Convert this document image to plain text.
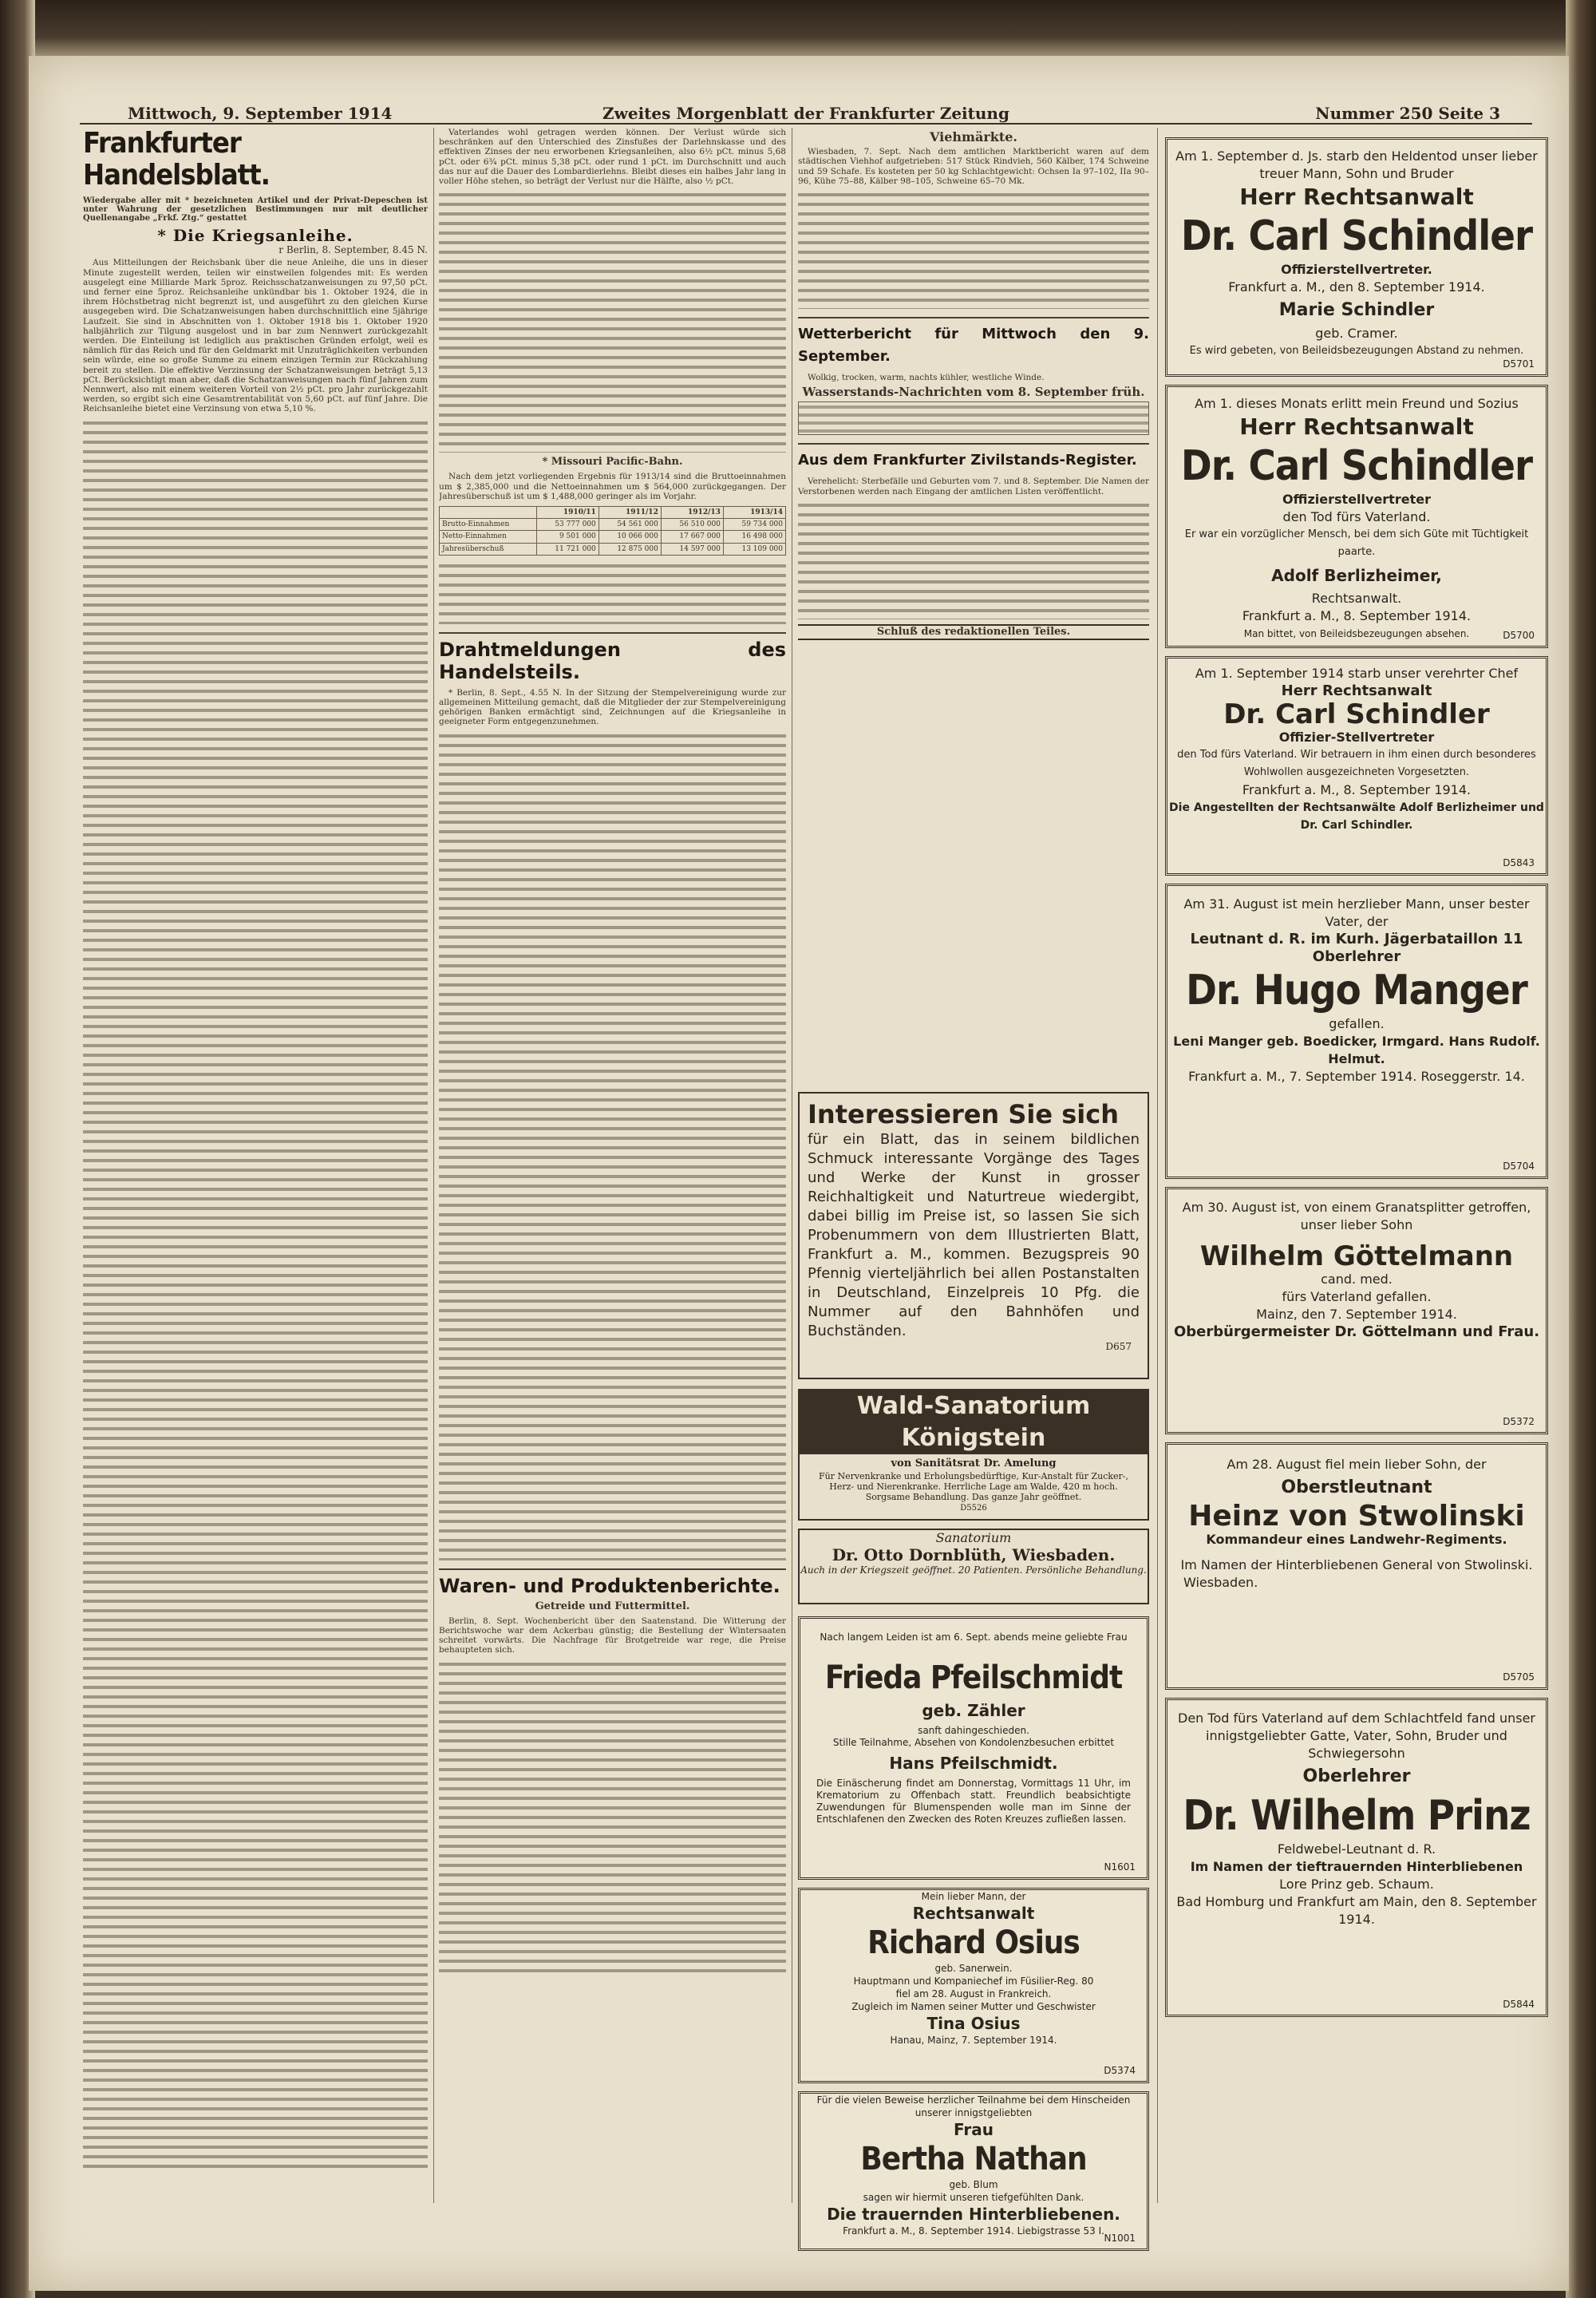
Mittwoch, 9. September 1914	Zweites Morgenblatt der Frankfurter Zeitung	Nummer 250 Seite 3
Frankfurter Handelsblatt.
Wiedergabe aller mit * bezeichneten Artikel und der Privat-Depeschen ist unter Wahrung der gesetzlichen Bestimmungen nur mit deutlicher Quellenangabe „Frkf. Ztg.“ gestattet
* Die Kriegsanleihe.
r Berlin, 8. September, 8.45 N.

Aus Mitteilungen der Reichsbank über die neue Anleihe, die uns in dieser Minute zugestellt werden, teilen wir einstweilen folgendes mit: Es werden ausgelegt eine Milliarde Mark 5proz. Reichsschatzanweisungen zu 97,50 pCt. und ferner eine 5proz. Reichsanleihe unkündbar bis 1. Oktober 1924, die in ihrem Höchstbetrag nicht begrenzt ist, und ausgeführt zu den gleichen Kurse ausgegeben wird. Die Schatzanweisungen haben durchschnittlich eine 5jährige Laufzeit. Sie sind in Abschnitten von 1. Oktober 1918 bis 1. Oktober 1920 halbjährlich zur Tilgung ausgelost und in bar zum Nennwert zurückgezahlt werden. Die Einteilung ist lediglich aus praktischen Gründen erfolgt, weil es nämlich für das Reich und für den Geldmarkt mit Unzuträglichkeiten verbunden sein würde, eine so große Summe zu einem einzigen Termin zur Rückzahlung bereit zu stellen. Die effektive Verzinsung der Schatzanweisungen beträgt 5,13 pCt. Berücksichtigt man aber, daß die Schatzanweisungen nach fünf Jahren zum Nennwert, also mit einem weiteren Vorteil von 2½ pCt. pro Jahr zurückgezahlt werden, so ergibt sich eine Gesamtrentabilität von 5,60 pCt. auf fünf Jahre. Die Reichsanleihe bietet eine Verzinsung von etwa 5,10 %.

Vaterlandes wohl getragen werden können. Der Verlust würde sich beschränken auf den Unterschied des Zinsfußes der Darlehnskasse und des effektiven Zinses der neu erworbenen Kriegsanleihen, also 6½ pCt. minus 5,68 pCt. oder 6¾ pCt. minus 5,38 pCt. oder rund 1 pCt. im Durchschnitt und auch das nur auf die Dauer des Lombardierlehns. Bleibt dieses ein halbes Jahr lang in voller Höhe stehen, so beträgt der Verlust nur die Hälfte, also ½ pCt.

* Missouri Pacific-Bahn.

Nach dem jetzt vorliegenden Ergebnis für 1913/14 sind die Bruttoeinnahmen um $ 2,385,000 und die Nettoeinnahmen um $ 564,000 zurückgegangen. Der Jahresüberschuß ist um $ 1,488,000 geringer als im Vorjahr.

	1910/11	1911/12	1912/13	1913/14
Brutto-Einnahmen	53 777 000	54 561 000	56 510 000	59 734 000
Netto-Einnahmen	9 501 000	10 066 000	17 667 000	16 498 000
Jahresüberschuß	11 721 000	12 875 000	14 597 000	13 109 000
Drahtmeldungen des Handelsteils.

* Berlin, 8. Sept., 4.55 N. In der Sitzung der Stempelvereinigung wurde zur allgemeinen Mitteilung gemacht, daß die Mitglieder der zur Stempelvereinigung gehörigen Banken ermächtigt sind, Zeichnungen auf die Kriegsanleihe in geeigneter Form entgegenzunehmen.

Waren- und Produktenberichte.
Getreide und Futtermittel.

Berlin, 8. Sept. Wochenbericht über den Saatenstand. Die Witterung der Berichtswoche war dem Ackerbau günstig; die Bestellung der Wintersaaten schreitet vorwärts. Die Nachfrage für Brotgetreide war rege, die Preise behaupteten sich.

Viehmärkte.

Wiesbaden, 7. Sept. Nach dem amtlichen Marktbericht waren auf dem städtischen Viehhof aufgetrieben: 517 Stück Rindvieh, 560 Kälber, 174 Schweine und 59 Schafe. Es kosteten per 50 kg Schlachtgewicht: Ochsen Ia 97–102, IIa 90–96, Kühe 75–88, Kälber 98–105, Schweine 65–70 Mk.

Wetterbericht für Mittwoch den 9. September.

Wolkig, trocken, warm, nachts kühler, westliche Winde.

Wasserstands-Nachrichten vom 8. September früh.
Aus dem Frankfurter Zivilstands-Register.

Verehelicht: Sterbefälle und Geburten vom 7. und 8. September. Die Namen der Verstorbenen werden nach Eingang der amtlichen Listen veröffentlicht.

Schluß des redaktionellen Teiles.
Interessieren Sie sich
für ein Blatt, das in seinem bildlichen Schmuck interessante Vorgänge des Tages und Werke der Kunst in grosser Reichhaltigkeit und Naturtreue wiedergibt, dabei billig im Preise ist, so lassen Sie sich Probenummern von dem Illustrierten Blatt, Frankfurt a. M., kommen. Bezugspreis 90 Pfennig vierteljährlich bei allen Postanstalten in Deutschland, Einzelpreis 10 Pfg. die Nummer auf den Bahnhöfen und Buchständen.
D657
Wald-Sanatorium Königstein
von Sanitätsrat Dr. Amelung
Für Nervenkranke und Erholungsbedürftige, Kur-Anstalt für Zucker-, Herz- und Nierenkranke. Herrliche Lage am Walde, 420 m hoch. Sorgsame Behandlung. Das ganze Jahr geöffnet.
D5526
Sanatorium
Dr. Otto Dornblüth, Wiesbaden.
Auch in der Kriegszeit geöffnet. 20 Patienten. Persönliche Behandlung.
Nach langem Leiden ist am 6. Sept. abends meine geliebte Frau
Frieda Pfeilschmidt
geb. Zähler
sanft dahingeschieden.
Stille Teilnahme, Absehen von Kondolenzbesuchen erbittet
Hans Pfeilschmidt.
Die Einäscherung findet am Donnerstag, Vormittags 11 Uhr, im Krematorium zu Offenbach statt. Freundlich beabsichtigte Zuwendungen für Blumenspenden wolle man im Sinne der Entschlafenen den Zwecken des Roten Kreuzes zufließen lassen.
N1601
Am 1. September d. Js. starb den Heldentod unser lieber treuer Mann, Sohn und Bruder
Herr Rechtsanwalt
Dr. Carl Schindler
Offizierstellvertreter.
Frankfurt a. M., den 8. September 1914.
Marie Schindler
geb. Cramer.
Es wird gebeten, von Beileidsbezeugungen Abstand zu nehmen.
D5701
Am 1. dieses Monats erlitt mein Freund und Sozius
Herr Rechtsanwalt
Dr. Carl Schindler
Offizierstellvertreter
den Tod fürs Vaterland.
Er war ein vorzüglicher Mensch, bei dem sich Güte mit Tüchtigkeit paarte.
Adolf Berlizheimer,
Rechtsanwalt.
Frankfurt a. M., 8. September 1914.
Man bittet, von Beileidsbezeugungen absehen.	D5700
Am 1. September 1914 starb unser verehrter Chef
Herr Rechtsanwalt
Dr. Carl Schindler
Offizier-Stellvertreter
den Tod fürs Vaterland. Wir betrauern in ihm einen durch besonderes Wohlwollen ausgezeichneten Vorgesetzten.
Frankfurt a. M., 8. September 1914.
Die Angestellten der Rechtsanwälte Adolf Berlizheimer und Dr. Carl Schindler.
D5843
Am 31. August ist mein herzlieber Mann, unser bester Vater, der
Leutnant d. R. im Kurh. Jägerbataillon 11 Oberlehrer
Dr. Hugo Manger
gefallen.
Leni Manger geb. Boedicker, Irmgard. Hans Rudolf. Helmut.
Frankfurt a. M., 7. September 1914. Roseggerstr. 14.
D5704
Am 30. August ist, von einem Granatsplitter getroffen, unser lieber Sohn
Wilhelm Göttelmann
cand. med.
fürs Vaterland gefallen.
Mainz, den 7. September 1914.
Oberbürgermeister Dr. Göttelmann und Frau.
D5372
Am 28. August fiel mein lieber Sohn, der
Oberstleutnant
Heinz von Stwolinski
Kommandeur eines Landwehr-Regiments.
Im Namen der Hinterbliebenen General von Stwolinski.
Wiesbaden.
D5705
Den Tod fürs Vaterland auf dem Schlachtfeld fand unser innigstgeliebter Gatte, Vater, Sohn, Bruder und Schwiegersohn
Oberlehrer
Dr. Wilhelm Prinz
Feldwebel-Leutnant d. R.
Im Namen der tieftrauernden Hinterbliebenen
Lore Prinz geb. Schaum.
Bad Homburg und Frankfurt am Main, den 8. September 1914.
D5844
Mein lieber Mann, der
Rechtsanwalt
Richard Osius
geb. Sanerwein.
Hauptmann und Kompaniechef im Füsilier-Reg. 80
fiel am 28. August in Frankreich.
Zugleich im Namen seiner Mutter und Geschwister
Tina Osius
Hanau, Mainz, 7. September 1914.
D5374
Für die vielen Beweise herzlicher Teilnahme bei dem Hinscheiden unserer innigstgeliebten
Frau
Bertha Nathan
geb. Blum
sagen wir hiermit unseren tiefgefühlten Dank.
Die trauernden Hinterbliebenen.
Frankfurt a. M., 8. September 1914. Liebigstrasse 53 I.
N1001
